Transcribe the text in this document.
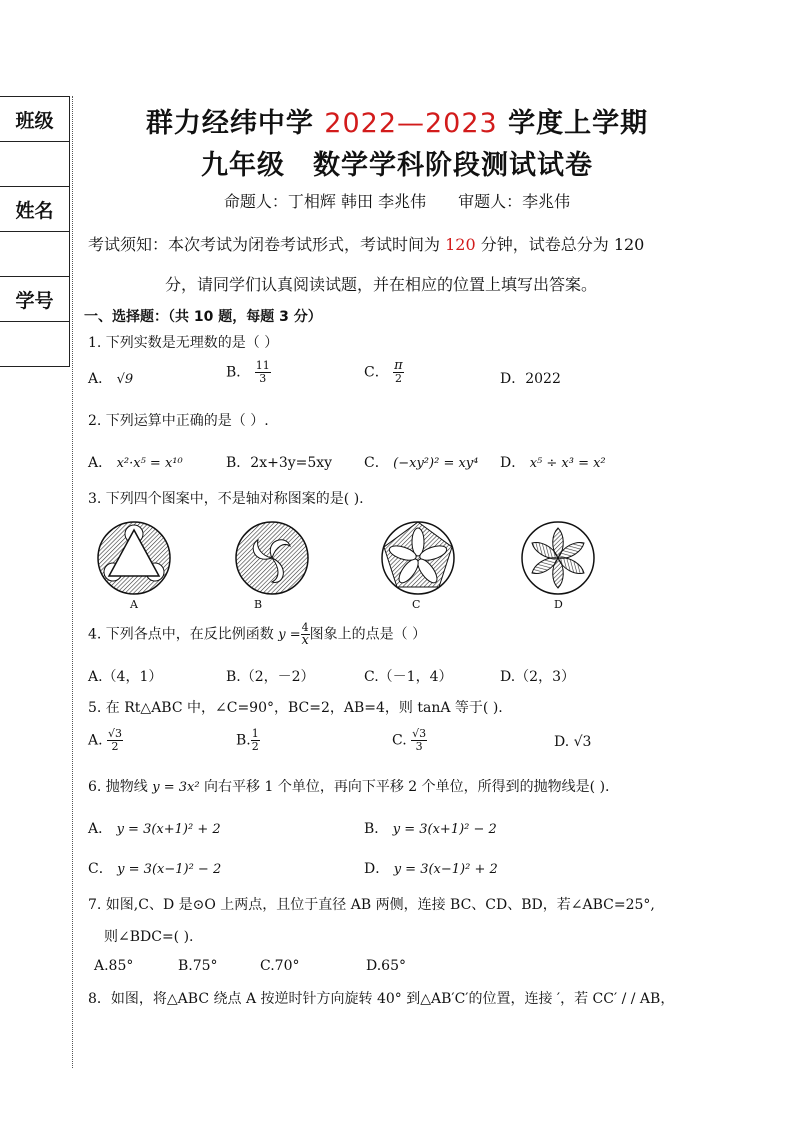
班级

姓名

学号

群力经纬中学 2022—2023 学度上学期
九年级　数学学科阶段测试试卷
命题人：丁相辉 韩田 李兆伟　　审题人：李兆伟
考试须知：本次考试为闭卷考试形式，考试时间为 120 分钟，试卷总分为 120
分，请同学们认真阅读试题，并在相应的位置上填写出答案。
一、选择题：（共 10 题，每题 3 分）
1. 下列实数是无理数的是（ ）
A． √9	B． $\frac{11}{3}$	C． $\frac{\pi}{2}$	D．2022
2. 下列运算中正确的是（ ）.
A． x²·x⁵ = x¹⁰	B．2x+3y=5xy C． (−xy²)² = xy⁴ D． x⁵ ÷ x³ = x²
3. 下列四个图案中，不是轴对称图案的是( ).
A	B	C	D
4. 下列各点中，在反比例函数 $y = \frac{4}{x}$ 图象上的点是（ ）
A.（4，1）	B.（2，－2）	C.（－1，4）	D.（2，3）
5. 在 Rt△ABC 中，∠C=90°，BC=2，AB=4，则 tanA 等于( ).
A. $\frac{√3}{2}$	B. $\frac{1}{2}$	C. $\frac{√3}{3}$	D. √3
6. 抛物线 y = 3x² 向右平移 1 个单位，再向下平移 2 个单位，所得到的抛物线是( ).
A． y = 3(x+1)² + 2	B． y = 3(x+1)² − 2
C． y = 3(x−1)² − 2	D． y = 3(x−1)² + 2
7. 如图,C、D 是⊙O 上两点，且位于直径 AB 两侧，连接 BC、CD、BD，若∠ABC=25°,
则∠BDC=( ).
A.85°	B.75°	C.70°	D.65°
8．如图，将△ABC 绕点 A 按逆时针方向旋转 40° 到△AB′C′的位置，连接 ′，若 CC′ / / AB，
